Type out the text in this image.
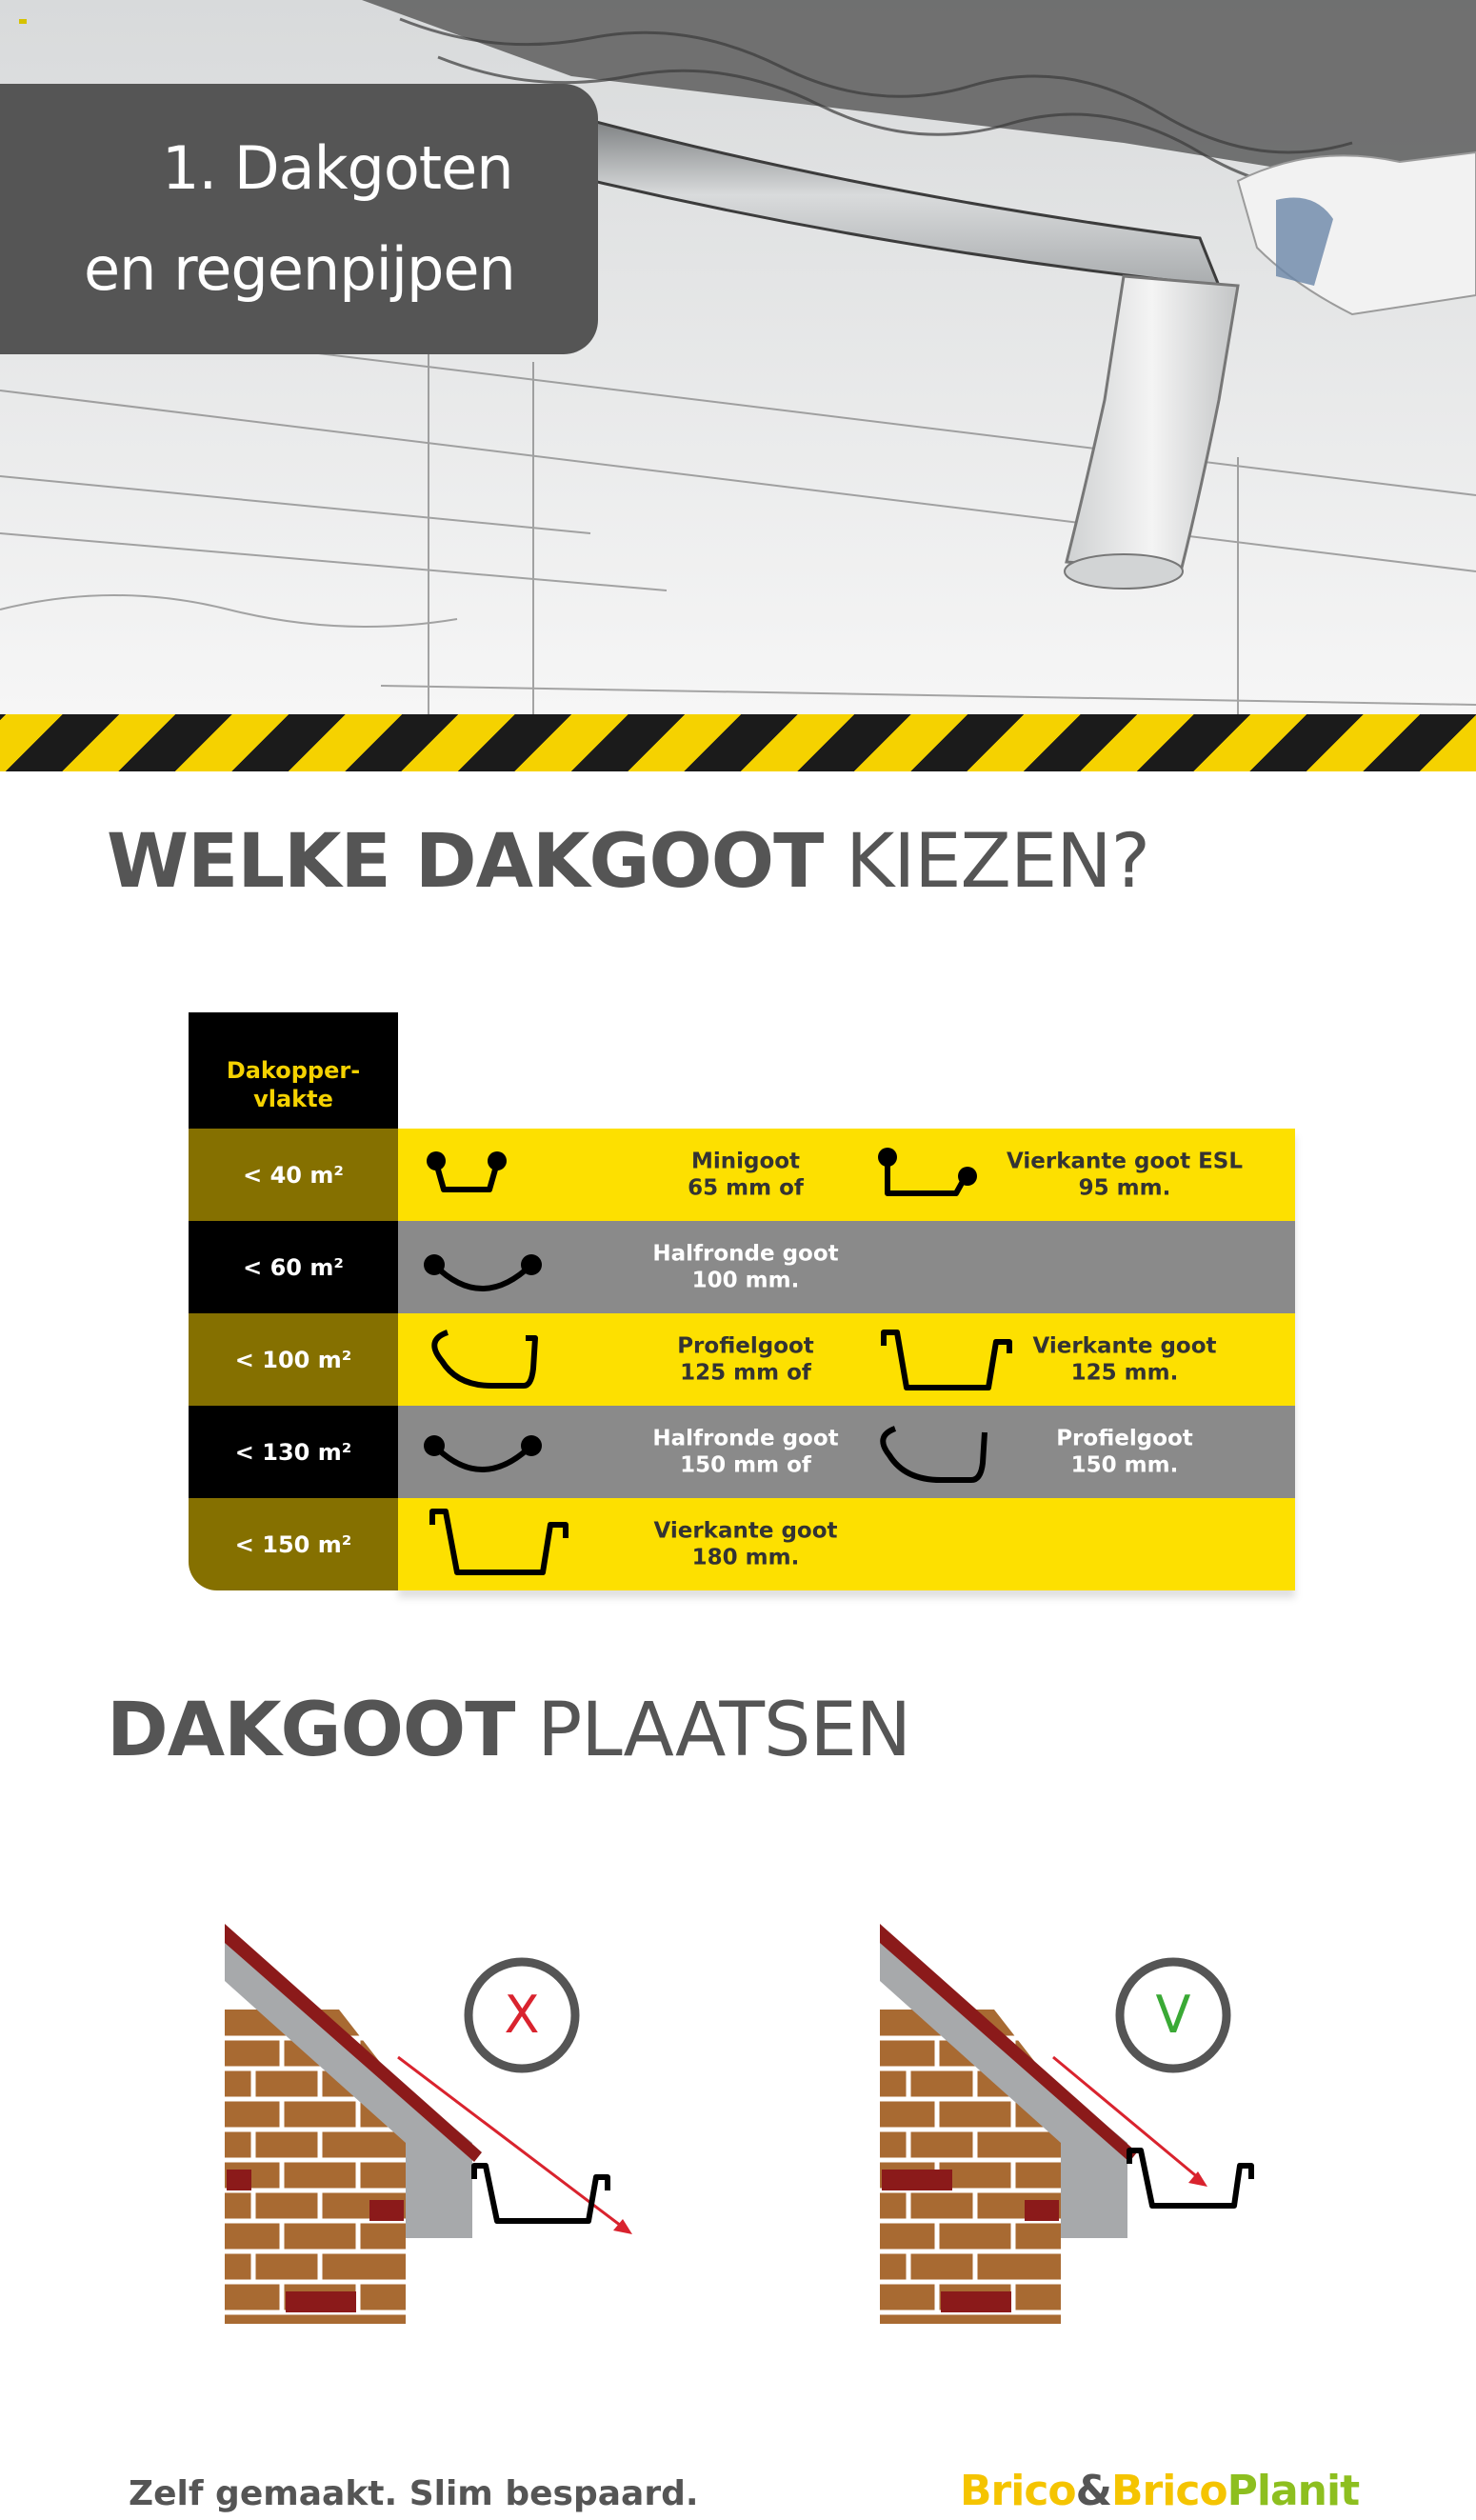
1. Dakgoten
en regenpijpen
WELKE DAKGOOT KIEZEN?
Dakopper-
vlakte
Minigoot
65 mm of
Vierkante goot ESL
95 mm.
< 40 m²
Halfronde goot
100 mm.
< 60 m²
Profielgoot
125 mm of
Vierkante goot
125 mm.
< 100 m²
Halfronde goot
150 mm of
Profielgoot
150 mm.
< 130 m²
Vierkante goot
180 mm.
< 150 m²
DAKGOOT PLAATSEN
X	V
Zelf gemaakt. Slim bespaard.	Brico&BricoPlanit
